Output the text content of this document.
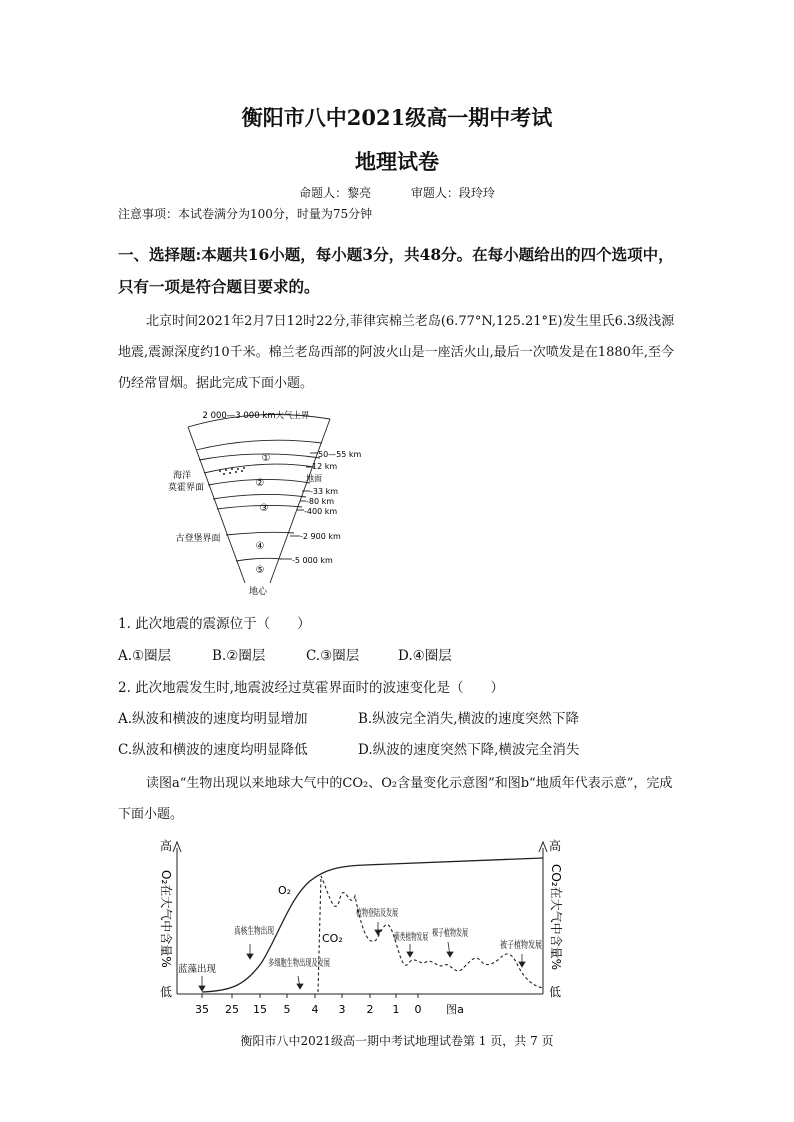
衡阳市八中2021级高一期中考试
地理试卷
命题人：黎亮	审题人：段玲玲
注意事项：本试卷满分为100分，时量为75分钟
一、选择题:本题共16小题，每小题3分，共48分。在每小题给出的四个选项中，只有一项是符合题目要求的。
北京时间2021年2月7日12时22分,菲律宾棉兰老岛(6.77°N,125.21°E)发生里氏6.3级浅源地震,震源深度约10千米。棉兰老岛西部的阿波火山是一座活火山,最后一次喷发是在1880年,至今仍经常冒烟。据此完成下面小题。
2 000—3 000 km大气上界
①
②
③
④
⑤
50—55 km
12 km
地面
-33 km
-80 km
-400 km
-2 900 km
-5 000 km
海洋
莫霍界面
古登堡界面
地心
1. 此次地震的震源位于（　　）
A.①圈层	B.②圈层	C.③圈层	D.④圈层
2. 此次地震发生时,地震波经过莫霍界面时的波速变化是（　　）
A.纵波和横波的速度均明显增加	B.纵波完全消失,横波的速度突然下降
C.纵波和横波的速度均明显降低	D.纵波的速度突然下降,横波完全消失
读图a“生物出现以来地球大气中的CO₂、O₂含量变化示意图”和图b“地质年代表示意”，完成下面小题。
高
低
O₂在大气中含量%
高
低
CO₂在大气中含量%
35 25 15 5 4 3 2 1 0 图a
O₂
CO₂
蓝藻出现
真核生物出现
多细胞生物出现及发展
植物登陆及发展
蕨类植物发展
裸子植物发展
被子植物发展
衡阳市八中2021级高一期中考试地理试卷第 1 页，共 7 页
